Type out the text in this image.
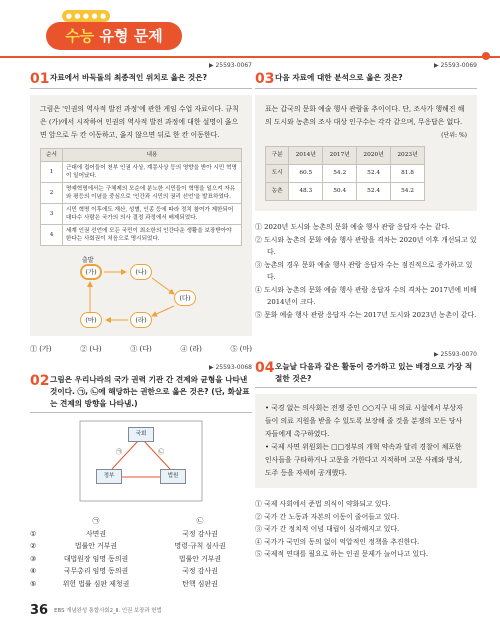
● ● ● ● ●
수능 유형 문제
▶ 25593-0067
01 자료에서 바둑돌의 최종적인 위치로 옳은 것은?
그림은 '인권의 역사적 발전 과정'에 관한 게임 수업 자료이다. 규칙은 (가)에서 시작하여 인권의 역사적 발전 과정에 대한 설명이 옳으면 앞으로 두 칸 이동하고, 옳지 않으면 뒤로 한 칸 이동한다.
순서	내용
1	근대에 접어들어 천부 인권 사상, 계몽사상 등의 영향을 받아 시민 혁명이 일어났다.
2	명예혁명에서는 구체제의 모순에 분노한 시민들이 혁명을 일으켜 자유와 평등의 이념을 중심으로 '인간과 시민의 권리 선언'을 발표하였다.
3	시민 혁명 이후에도 재산, 성별, 인종 등에 따라 정치 참여가 제한되어 대다수 사람은 국가의 의사 결정 과정에서 배제되었다.
4	세계 인권 선언에 모든 국민이 최소한의 인간다운 생활을 보장받아야 한다는 사회권이 처음으로 명시되었다.
출발
(가)	(나)
(다)
(라)
(마)
① (가)	② (나)	③ (다)	④ (라)	⑤ (마)
▶ 25593-0068
02 그림은 우리나라의 국가 권력 기관 간 견제와 균형을 나타낸 것이다. ㉠, ㉡에 해당하는 권한으로 옳은 것은? (단, 화살표는 견제의 방향을 나타냄.)
국회
정부	법원
㉠	㉡
㉠	㉡
①	사면권	국정 감사권
②	법률안 거부권	명령·규칙 심사권
③	대법원장 임명 동의권	법률안 거부권
④	국무총리 임명 동의권	국정 감사권
⑤	위헌 법률 심판 제청권	탄핵 심판권
▶ 25593-0069
03 다음 자료에 대한 분석으로 옳은 것은?
표는 갑국의 문화 예술 행사 관람율 추이이다. 단, 조사가 행해진 해의 도시와 농촌의 조사 대상 인구수는 각각 같으며, 무응답은 없다.
(단위: %)
구분	2014년	2017년	2020년	2023년
도시	60.5	54.2	52.4	81.8
농촌	48.3	50.4	52.4	54.2
① 2020년 도시와 농촌의 문화 예술 행사 관람 응답자 수는 같다.
② 도시와 농촌의 문화 예술 행사 관람을 격차는 2020년 이후 개선되고 있다.
③ 농촌의 경우 문화 예술 행사 관람 응답자 수는 점진적으로 증가하고 있다.
④ 도시와 농촌의 문화 예술 행사 관람 응답자 수의 격차는 2017년에 비해 2014년이 크다.
⑤ 문화 예술 행사 관람 응답자 수는 2017년 도시와 2023년 농촌이 같다.
▶ 25593-0070
04 오늘날 다음과 같은 활동이 증가하고 있는 배경으로 가장 적절한 것은?
• 국경 없는 의사회는 전쟁 중인 ○○지구 내 의료 시설에서 부상자들이 의료 지원을 받을 수 있도록 보장해 줄 것을 분쟁의 모든 당사자들에게 촉구하였다.
• 국제 사면 위원회는 □□정부의 개혁 약속과 달리 경찰이 체포한 인사들을 구타하거나 고문을 가한다고 지적하며 고문 사례와 방식, 도주 등을 자세히 공개했다.
① 국제 사회에서 준법 의식이 약화되고 있다.
② 국가 간 노동과 자본의 이동이 줄어들고 있다.
③ 국가 간 정치적 이념 대립이 심각해지고 있다.
④ 국가가 국민의 동의 없이 억압적인 정책을 추진한다.
⑤ 국제적 연대를 필요로 하는 인권 문제가 늘어나고 있다.
36 EBS 개념완성 통합사회2_Ⅱ. 인권 보장과 헌법
